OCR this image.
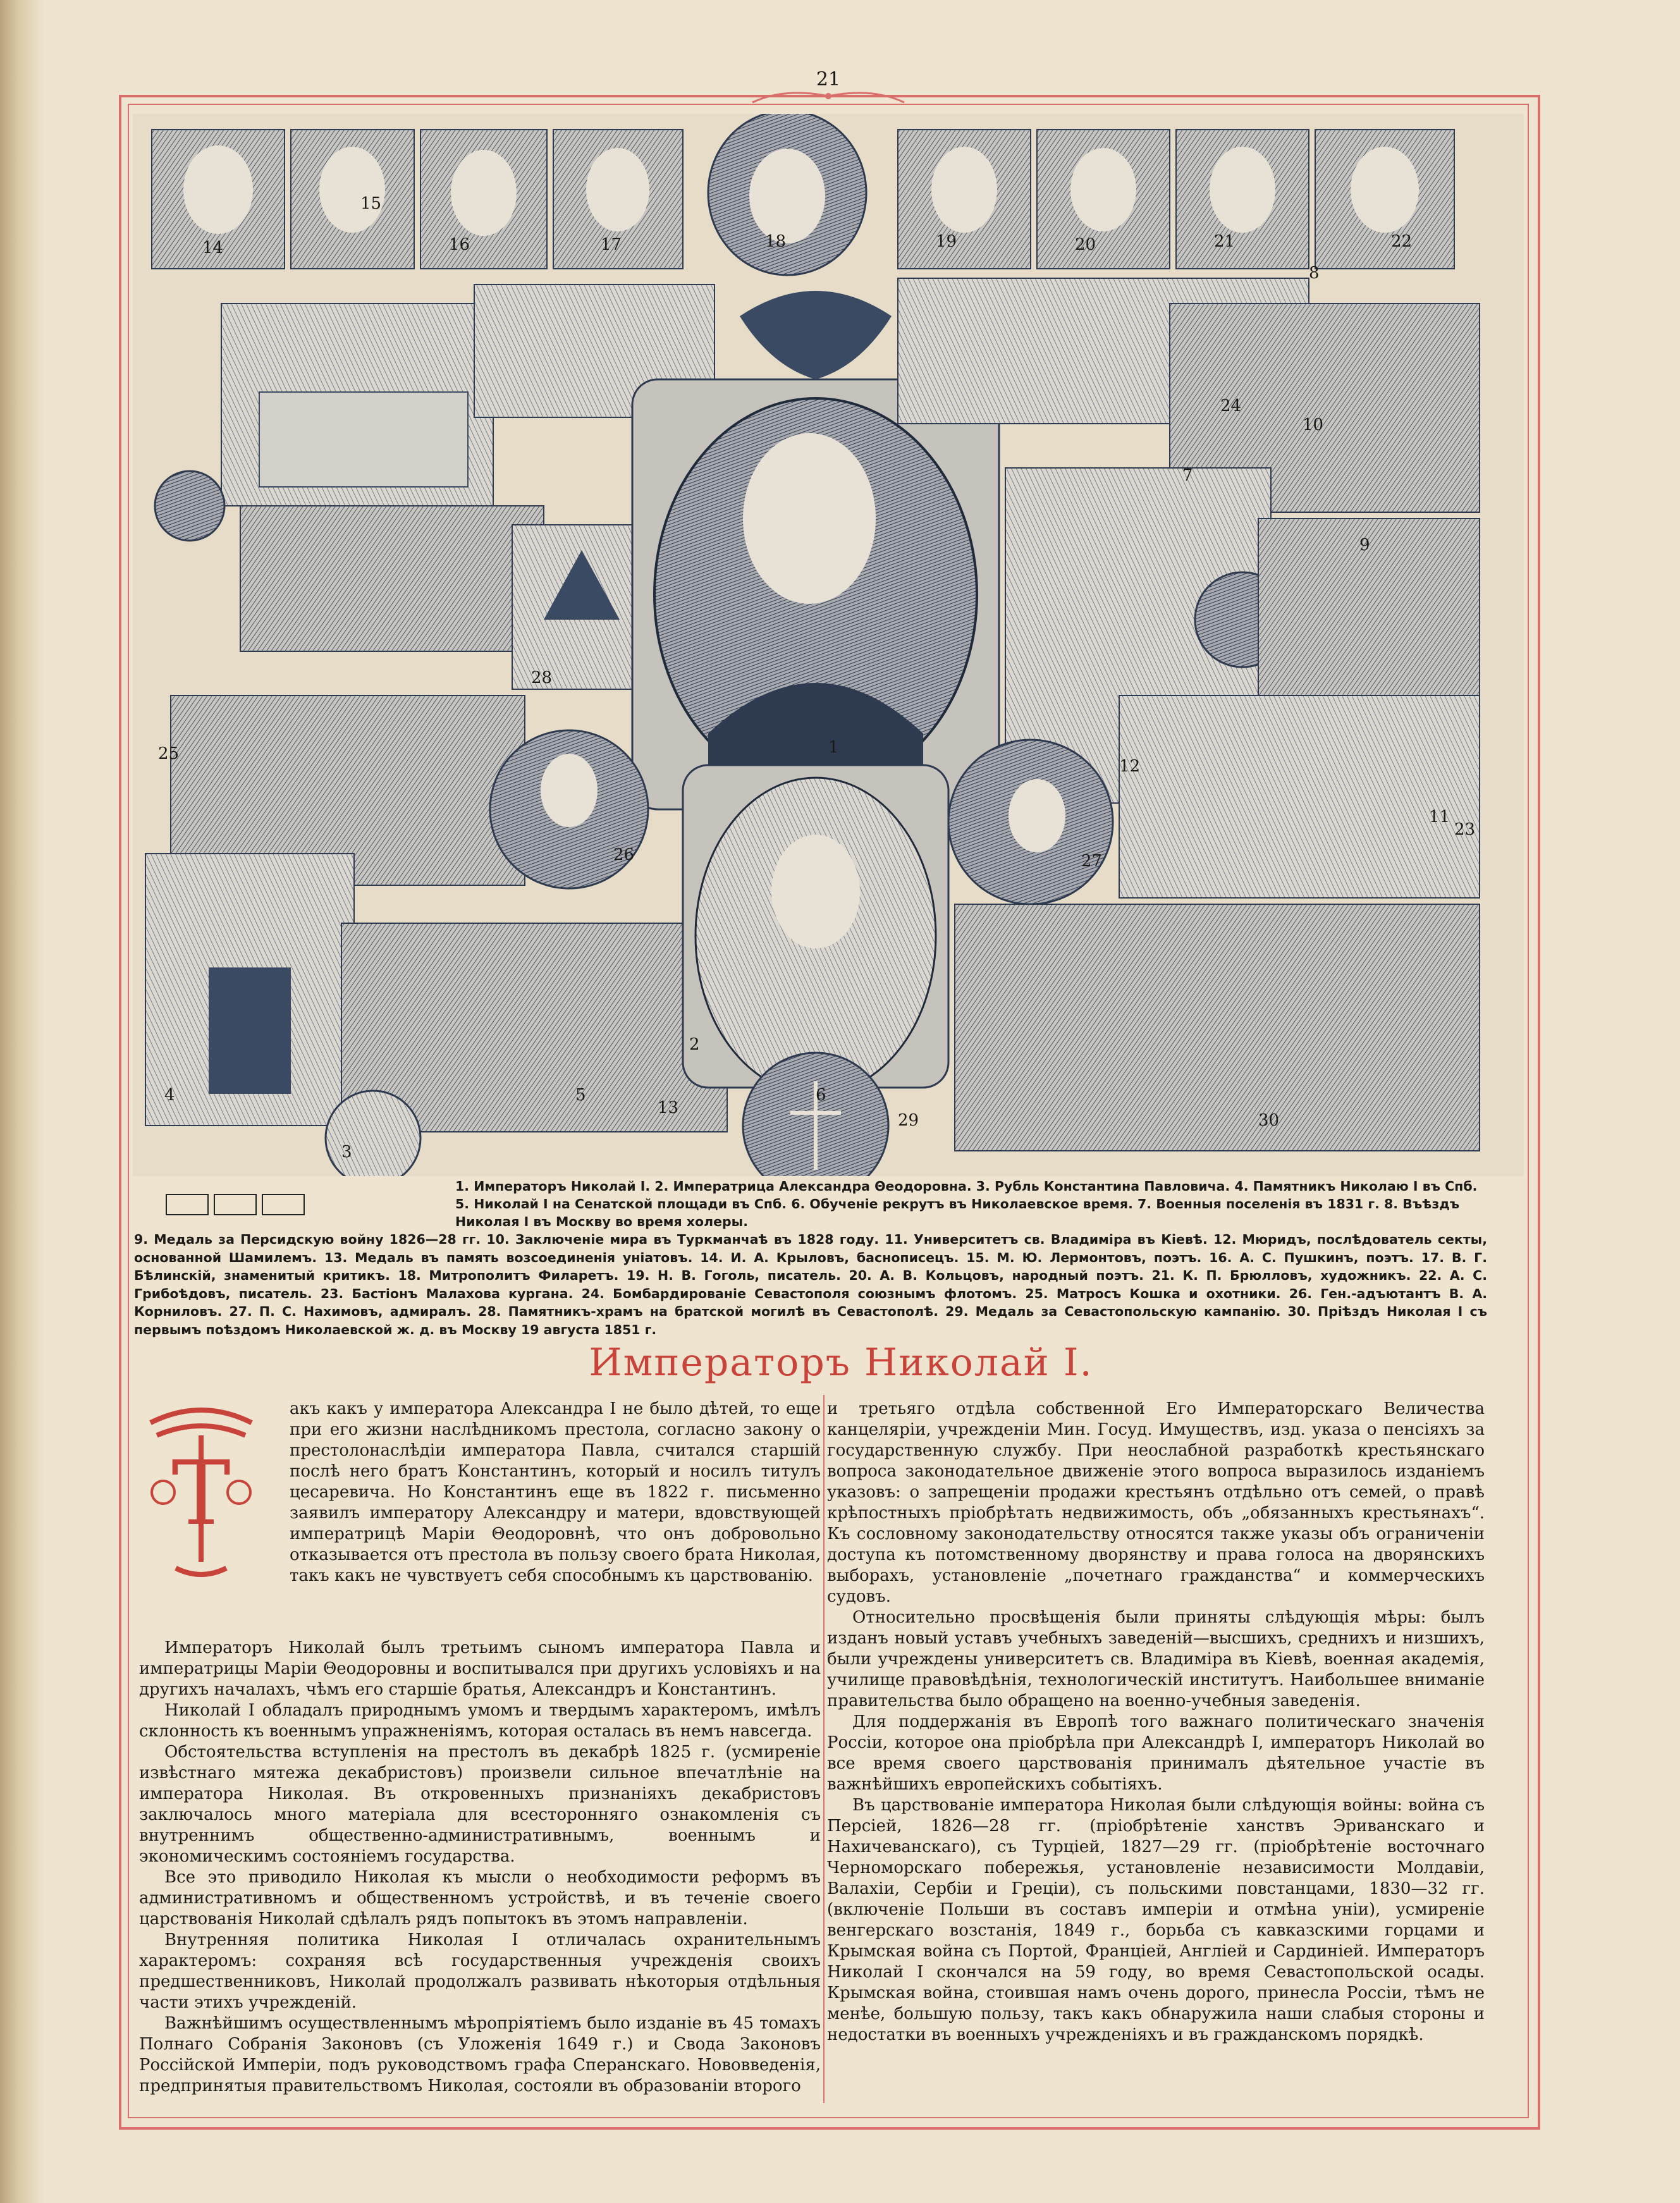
21
1
2
3
4	5	6
7
8
9
10
11
12
13
14
15
16	17	18	19	20	21	22
23
24
25
26	27
28
29	30
1. Императоръ Николай I. 2. Императрица Александра Θеодоровна. 3. Рубль Константина Павловича. 4. Памятникъ Николаю I въ Спб. 5. Николай I на Сенатской площади въ Спб. 6. Обученіе рекрутъ въ Николаевское время. 7. Военныя поселенія въ 1831 г. 8. Въѣздъ Николая I въ Москву во время холеры.
9. Медаль за Персидскую войну 1826—28 гг. 10. Заключеніе мира въ Туркманчаѣ въ 1828 году. 11. Университетъ св. Владиміра въ Кіевѣ. 12. Мюридъ, послѣдователь секты, основанной Шамилемъ. 13. Медаль въ память возсоединенія уніатовъ. 14. И. А. Крыловъ, баснописецъ. 15. М. Ю. Лермонтовъ, поэтъ. 16. А. С. Пушкинъ, поэтъ. 17. В. Г. Бѣлинскій, знаменитый критикъ. 18. Митрополитъ Филаретъ. 19. Н. В. Гоголь, писатель. 20. А. В. Кольцовъ, народный поэтъ. 21. К. П. Брюлловъ, художникъ. 22. А. С. Грибоѣдовъ, писатель. 23. Бастіонъ Малахова кургана. 24. Бомбардированіе Севастополя союзнымъ флотомъ. 25. Матросъ Кошка и охотники. 26. Ген.-адъютантъ В. А. Корниловъ. 27. П. С. Нахимовъ, адмиралъ. 28. Памятникъ-храмъ на братской могилѣ въ Севастополѣ. 29. Медаль за Севастопольскую кампанію. 30. Пріѣздъ Николая I съ первымъ поѣздомъ Николаевской ж. д. въ Москву 19 августа 1851 г.
Императоръ Николай I.
Т

акъ какъ у императора Александра I не было дѣтей, то еще при его жизни наслѣдникомъ престола, согласно закону о престолонаслѣдіи императора Павла, считался старшій послѣ него братъ Константинъ, который и носилъ титулъ цесаревича. Но Константинъ еще въ 1822 г. письменно заявилъ императору Александру и матери, вдовствующей императрицѣ Маріи Θеодоровнѣ, что онъ добровольно отказывается отъ престола въ пользу своего брата Николая, такъ какъ не чувствуетъ себя способнымъ къ царствованію.

Императоръ Николай былъ третьимъ сыномъ императора Павла и императрицы Маріи Θеодоровны и воспитывался при другихъ условіяхъ и на другихъ началахъ, чѣмъ его старшіе братья, Александръ и Константинъ.

Николай I обладалъ природнымъ умомъ и твердымъ характеромъ, имѣлъ склонность къ военнымъ упражненіямъ, которая осталась въ немъ навсегда.

Обстоятельства вступленія на престолъ въ декабрѣ 1825 г. (усмиреніе извѣстнаго мятежа декабристовъ) произвели сильное впечатлѣніе на императора Николая. Въ откровенныхъ признаніяхъ декабристовъ заключалось много матеріала для всесторонняго ознакомленія съ внутреннимъ общественно-административнымъ, военнымъ и экономическимъ состояніемъ государства.

Все это приводило Николая къ мысли о необходимости реформъ въ административномъ и общественномъ устройствѣ, и въ теченіе своего царствованія Николай сдѣлалъ рядъ попытокъ въ этомъ направленіи.

Внутренняя политика Николая I отличалась охранительнымъ характеромъ: сохраняя всѣ государственныя учрежденія своихъ предшественниковъ, Николай продолжалъ развивать нѣкоторыя отдѣльныя части этихъ учрежденій.

Важнѣйшимъ осуществленнымъ мѣропріятіемъ было изданіе въ 45 томахъ Полнаго Собранія Законовъ (съ Уложенія 1649 г.) и Свода Законовъ Россійской Имперіи, подъ руководствомъ графа Сперанскаго. Нововведенія, предпринятыя правительствомъ Николая, состояли въ образованіи второго

и третьяго отдѣла собственной Его Императорскаго Величества канцеляріи, учрежденіи Мин. Госуд. Имуществъ, изд. указа о пенсіяхъ за государственную службу. При неослабной разработкѣ крестьянскаго вопроса законодательное движеніе этого вопроса выразилось изданіемъ указовъ: о запрещеніи продажи крестьянъ отдѣльно отъ семей, о правѣ крѣпостныхъ пріобрѣтать недвижимость, объ „обязанныхъ крестьянахъ“. Къ сословному законодательству относятся также указы объ ограниченіи доступа къ потомственному дворянству и права голоса на дворянскихъ выборахъ, установленіе „почетнаго гражданства“ и коммерческихъ судовъ.

Относительно просвѣщенія были приняты слѣдующія мѣры: былъ изданъ новый уставъ учебныхъ заведеній—высшихъ, среднихъ и низшихъ, были учреждены университетъ св. Владиміра въ Кіевѣ, военная академія, училище правовѣдѣнія, технологическій институтъ. Наибольшее вниманіе правительства было обращено на военно-учебныя заведенія.

Для поддержанія въ Европѣ того важнаго политическаго значенія Россіи, которое она пріобрѣла при Александрѣ I, императоръ Николай во все время своего царствованія принималъ дѣятельное участіе въ важнѣйшихъ европейскихъ событіяхъ.

Въ царствованіе императора Николая были слѣдующія войны: война съ Персіей, 1826—28 гг. (пріобрѣтеніе ханствъ Эриванскаго и Нахичеванскаго), съ Турціей, 1827—29 гг. (пріобрѣтеніе восточнаго Черноморскаго побережья, установленіе независимости Молдавіи, Валахіи, Сербіи и Греціи), съ польскими повстанцами, 1830—32 гг. (включеніе Польши въ составъ имперіи и отмѣна уніи), усмиреніе венгерскаго возстанія, 1849 г., борьба съ кавказскими горцами и Крымская война съ Портой, Франціей, Англіей и Сардиніей. Императоръ Николай I скончался на 59 году, во время Севастопольской осады. Крымская война, стоившая намъ очень дорого, принесла Россіи, тѣмъ не менѣе, большую пользу, такъ какъ обнаружила наши слабыя стороны и недостатки въ военныхъ учрежденіяхъ и въ гражданскомъ порядкѣ.
